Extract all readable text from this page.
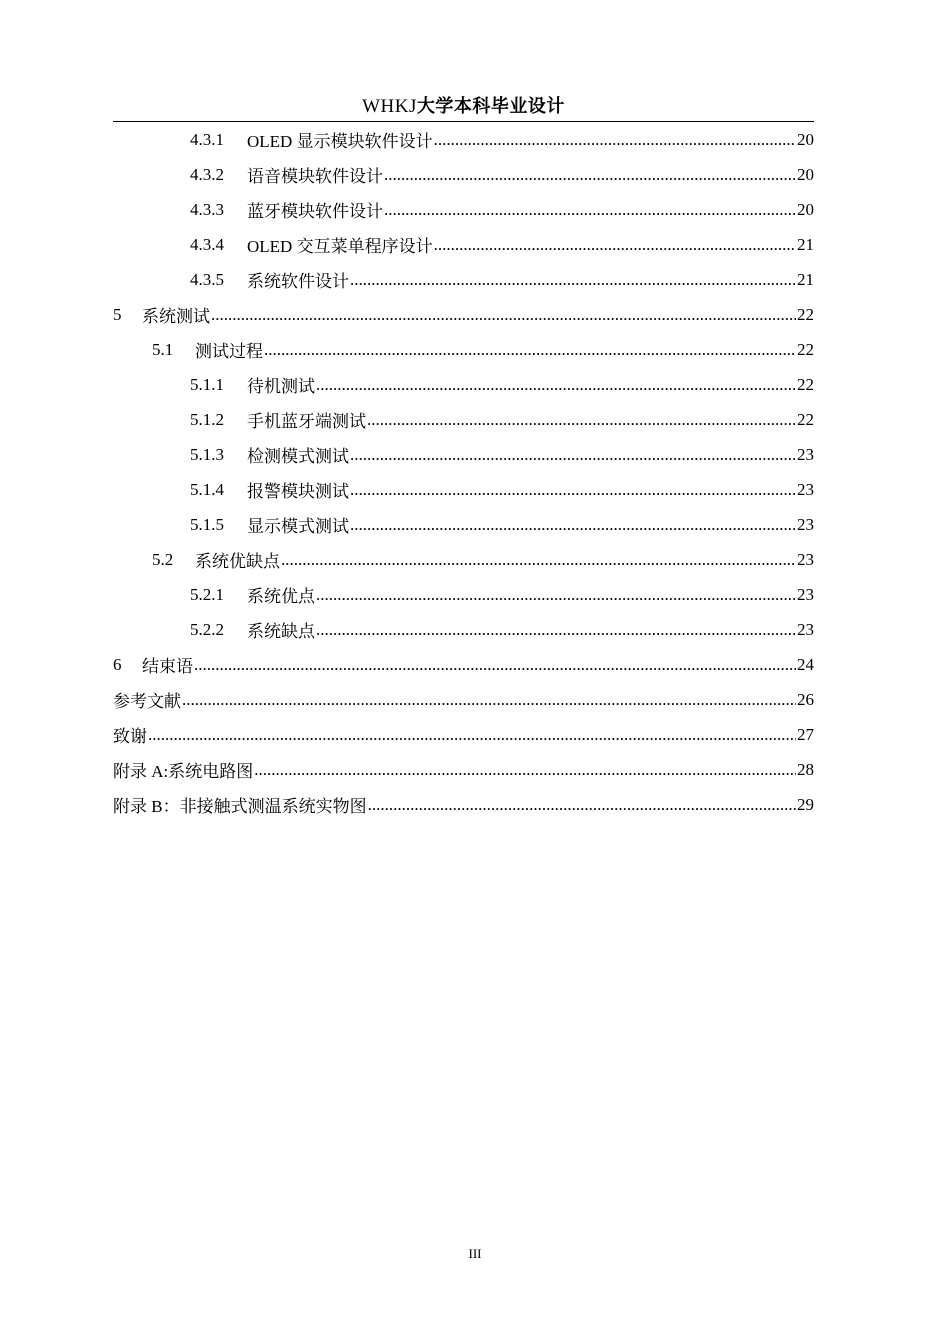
WHKJ大学本科毕业设计
4.3.1	OLED 显示模块软件设计 .....	20
4.3.2	语音模块软件设计 .....	20
4.3.3	蓝牙模块软件设计 .....	20
4.3.4	OLED 交互菜单程序设计 .....	21
4.3.5	系统软件设计 .....	21
5	系统测试 .....	22
5.1	测试过程 .....	22
5.1.1	待机测试 .....	22
5.1.2	手机蓝牙端测试 .....	22
5.1.3	检测模式测试 .....	23
5.1.4	报警模块测试 .....	23
5.1.5	显示模式测试 .....	23
5.2	系统优缺点 .....	23
5.2.1	系统优点 .....	23
5.2.2	系统缺点 .....	23
6	结束语 .....	24
参考文献 .....	26
致谢 .....	27
附录 A:系统电路图 .....	28
附录 B：非接触式测温系统实物图 .....	29
III
